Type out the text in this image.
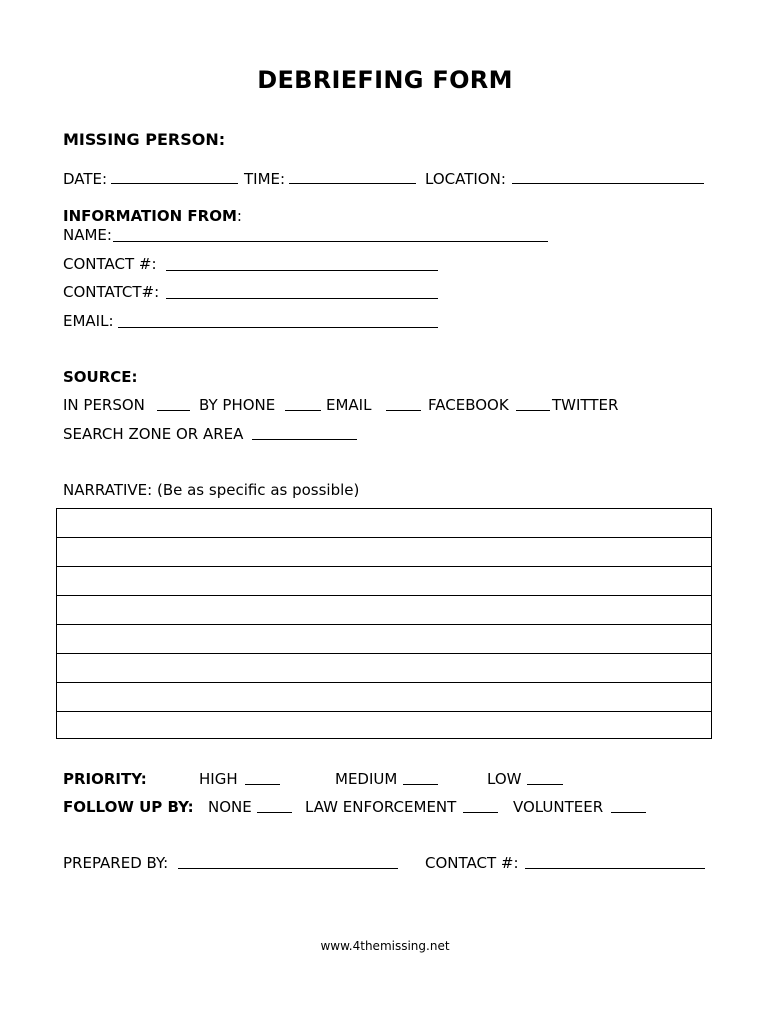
DEBRIEFING FORM
MISSING PERSON:
DATE:	TIME:	LOCATION:
INFORMATION FROM:
NAME:
CONTACT #:
CONTATCT#:
EMAIL:
SOURCE:
IN PERSON	BY PHONE	EMAIL	FACEBOOK	TWITTER
SEARCH ZONE OR AREA
NARRATIVE: (Be as specific as possible)
PRIORITY:	HIGH	MEDIUM	LOW
FOLLOW UP BY: NONE	LAW ENFORCEMENT	VOLUNTEER
PREPARED BY:	CONTACT #:
www.4themissing.net
